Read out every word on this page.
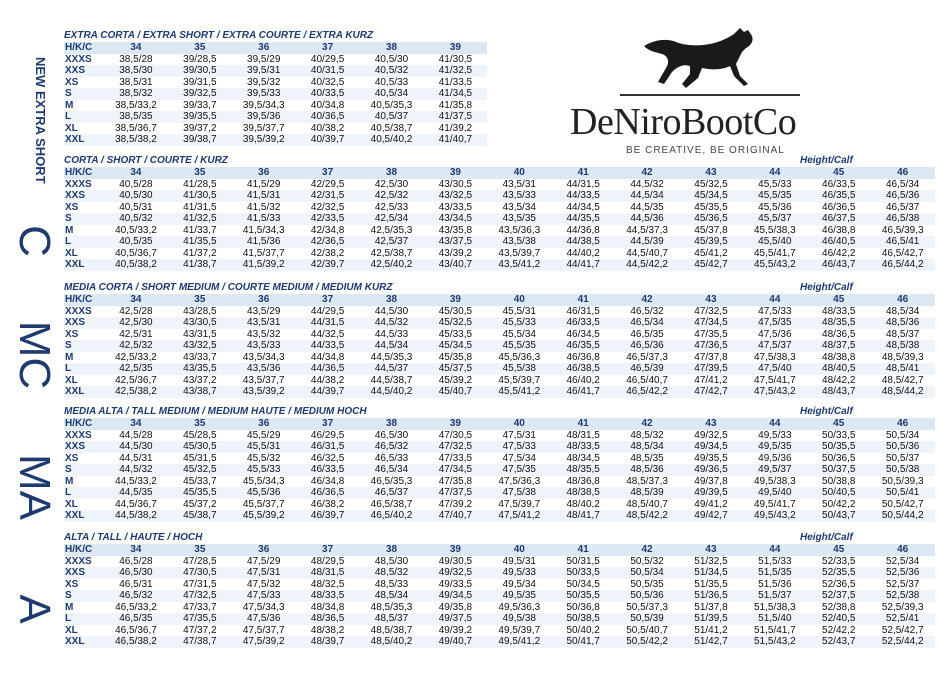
NEW EXTRA SHORT
C
MC
MA
A
DeNiroBootCo
BE CREATIVE, BE ORIGINAL
EXTRA CORTA / EXTRA SHORT / EXTRA COURTE / EXTRA KURZ
H/K/C	34	35	36	37	38	39
XXXS	38,5/28	39/28,5	39,5/29	40/29,5	40,5/30	41/30,5
XXS	38,5/30	39/30,5	39,5/31	40/31,5	40,5/32	41/32,5
XS	38,5/31	39/31,5	39,5/32	40/32,5	40,5/33	41/33,5
S	38,5/32	39/32,5	39,5/33	40/33,5	40,5/34	41/34,5
M	38,5/33,2	39/33,7	39,5/34,3	40/34,8	40,5/35,3	41/35,8
L	38,5/35	39/35,5	39,5/36	40/36,5	40,5/37	41/37,5
XL	38,5/36,7	39/37,2	39,5/37,7	40/38,2	40,5/38,7	41/39,2
XXL	38,5/38,2	39/38,7	39,5/39,2	40/39,7	40,5/40,2	41/40,7
CORTA / SHORT / COURTE / KURZ	Height/Calf
H/K/C	34	35	36	37	38	39	40	41	42	43	44	45	46
XXXS	40,5/28	41/28,5	41,5/29	42/29,5	42,5/30	43/30,5	43,5/31	44/31,5	44,5/32	45/32,5	45,5/33	46/33,5	46,5/34
XXS	40,5/30	41/30,5	41,5/31	42/31,5	42,5/32	43/32,5	43,5/33	44/33,5	44,5/34	45/34,5	45,5/35	46/35,5	46,5/36
XS	40,5/31	41/31,5	41,5/32	42/32,5	42,5/33	43/33,5	43,5/34	44/34,5	44,5/35	45/35,5	45,5/36	46/36,5	46,5/37
S	40,5/32	41/32,5	41,5/33	42/33,5	42,5/34	43/34,5	43,5/35	44/35,5	44,5/36	45/36,5	45,5/37	46/37,5	46,5/38
M	40,5/33,2	41/33,7	41,5/34,3	42/34,8	42,5/35,3	43/35,8	43,5/36,3	44/36,8	44,5/37,3	45/37,8	45,5/38,3	46/38,8	46,5/39,3
L	40,5/35	41/35,5	41,5/36	42/36,5	42,5/37	43/37,5	43,5/38	44/38,5	44,5/39	45/39,5	45,5/40	46/40,5	46,5/41
XL	40,5/36,7	41/37,2	41,5/37,7	42/38,2	42,5/38,7	43/39,2	43,5/39,7	44/40,2	44,5/40,7	45/41,2	45,5/41,7	46/42,2	46,5/42,7
XXL	40,5/38,2	41/38,7	41,5/39,2	42/39,7	42,5/40,2	43/40,7	43,5/41,2	44/41,7	44,5/42,2	45/42,7	45,5/43,2	46/43,7	46,5/44,2
MEDIA CORTA / SHORT MEDIUM / COURTE MEDIUM / MEDIUM KURZ	Height/Calf
H/K/C	34	35	36	37	38	39	40	41	42	43	44	45	46
XXXS	42,5/28	43/28,5	43,5/29	44/29,5	44,5/30	45/30,5	45,5/31	46/31,5	46,5/32	47/32,5	47,5/33	48/33,5	48,5/34
XXS	42,5/30	43/30,5	43,5/31	44/31,5	44,5/32	45/32,5	45,5/33	46/33,5	46,5/34	47/34,5	47,5/35	48/35,5	48,5/36
XS	42,5/31	43/31,5	43,5/32	44/32,5	44,5/33	45/33,5	45,5/34	46/34,5	46,5/35	47/35,5	47,5/36	48/36,5	48,5/37
S	42,5/32	43/32,5	43,5/33	44/33,5	44,5/34	45/34,5	45,5/35	46/35,5	46,5/36	47/36,5	47,5/37	48/37,5	48,5/38
M	42,5/33,2	43/33,7	43,5/34,3	44/34,8	44,5/35,3	45/35,8	45,5/36,3	46/36,8	46,5/37,3	47/37,8	47,5/38,3	48/38,8	48,5/39,3
L	42,5/35	43/35,5	43,5/36	44/36,5	44,5/37	45/37,5	45,5/38	46/38,5	46,5/39	47/39,5	47,5/40	48/40,5	48,5/41
XL	42,5/36,7	43/37,2	43,5/37,7	44/38,2	44,5/38,7	45/39,2	45,5/39,7	46/40,2	46,5/40,7	47/41,2	47,5/41,7	48/42,2	48,5/42,7
XXL	42,5/38,2	43/38,7	43,5/39,2	44/39,7	44,5/40,2	45/40,7	45,5/41,2	46/41,7	46,5/42,2	47/42,7	47,5/43,2	48/43,7	48,5/44,2
MEDIA ALTA / TALL MEDIUM / MEDIUM HAUTE / MEDIUM HOCH	Height/Calf
H/K/C	34	35	36	37	38	39	40	41	42	43	44	45	46
XXXS	44,5/28	45/28,5	45,5/29	46/29,5	46,5/30	47/30,5	47,5/31	48/31,5	48,5/32	49/32,5	49,5/33	50/33,5	50,5/34
XXS	44,5/30	45/30,5	45,5/31	46/31,5	46,5/32	47/32,5	47,5/33	48/33,5	48,5/34	49/34,5	49,5/35	50/35,5	50,5/36
XS	44,5/31	45/31,5	45,5/32	46/32,5	46,5/33	47/33,5	47,5/34	48/34,5	48,5/35	49/35,5	49,5/36	50/36,5	50,5/37
S	44,5/32	45/32,5	45,5/33	46/33,5	46,5/34	47/34,5	47,5/35	48/35,5	48,5/36	49/36,5	49,5/37	50/37,5	50,5/38
M	44,5/33,2	45/33,7	45,5/34,3	46/34,8	46,5/35,3	47/35,8	47,5/36,3	48/36,8	48,5/37,3	49/37,8	49,5/38,3	50/38,8	50,5/39,3
L	44,5/35	45/35,5	45,5/36	46/36,5	46,5/37	47/37,5	47,5/38	48/38,5	48,5/39	49/39,5	49,5/40	50/40,5	50,5/41
XL	44,5/36,7	45/37,2	45,5/37,7	46/38,2	46,5/38,7	47/39,2	47,5/39,7	48/40,2	48,5/40,7	49/41,2	49,5/41,7	50/42,2	50,5/42,7
XXL	44,5/38,2	45/38,7	45,5/39,2	46/39,7	46,5/40,2	47/40,7	47,5/41,2	48/41,7	48,5/42,2	49/42,7	49,5/43,2	50/43,7	50,5/44,2
ALTA / TALL / HAUTE / HOCH	Height/Calf
H/K/C	34	35	36	37	38	39	40	41	42	43	44	45	46
XXXS	46,5/28	47/28,5	47,5/29	48/29,5	48,5/30	49/30,5	49,5/31	50/31,5	50,5/32	51/32,5	51,5/33	52/33,5	52,5/34
XXS	46,5/30	47/30,5	47,5/31	48/31,5	48,5/32	49/32,5	49,5/33	50/33,5	50,5/34	51/34,5	51,5/35	52/35,5	52,5/36
XS	46,5/31	47/31,5	47,5/32	48/32,5	48,5/33	49/33,5	49,5/34	50/34,5	50,5/35	51/35,5	51,5/36	52/36,5	52,5/37
S	46,5/32	47/32,5	47,5/33	48/33,5	48,5/34	49/34,5	49,5/35	50/35,5	50,5/36	51/36,5	51,5/37	52/37,5	52,5/38
M	46,5/33,2	47/33,7	47,5/34,3	48/34,8	48,5/35,3	49/35,8	49,5/36,3	50/36,8	50,5/37,3	51/37,8	51,5/38,3	52/38,8	52,5/39,3
L	46,5/35	47/35,5	47,5/36	48/36,5	48,5/37	49/37,5	49,5/38	50/38,5	50,5/39	51/39,5	51,5/40	52/40,5	52,5/41
XL	46,5/36,7	47/37,2	47,5/37,7	48/38,2	48,5/38,7	49/39,2	49,5/39,7	50/40,2	50,5/40,7	51/41,2	51,5/41,7	52/42,2	52,5/42,7
XXL	46,5/38,2	47/38,7	47,5/39,2	48/39,7	48,5/40,2	49/40,7	49,5/41,2	50/41,7	50,5/42,2	51/42,7	51,5/43,2	52/43,7	52,5/44,2
